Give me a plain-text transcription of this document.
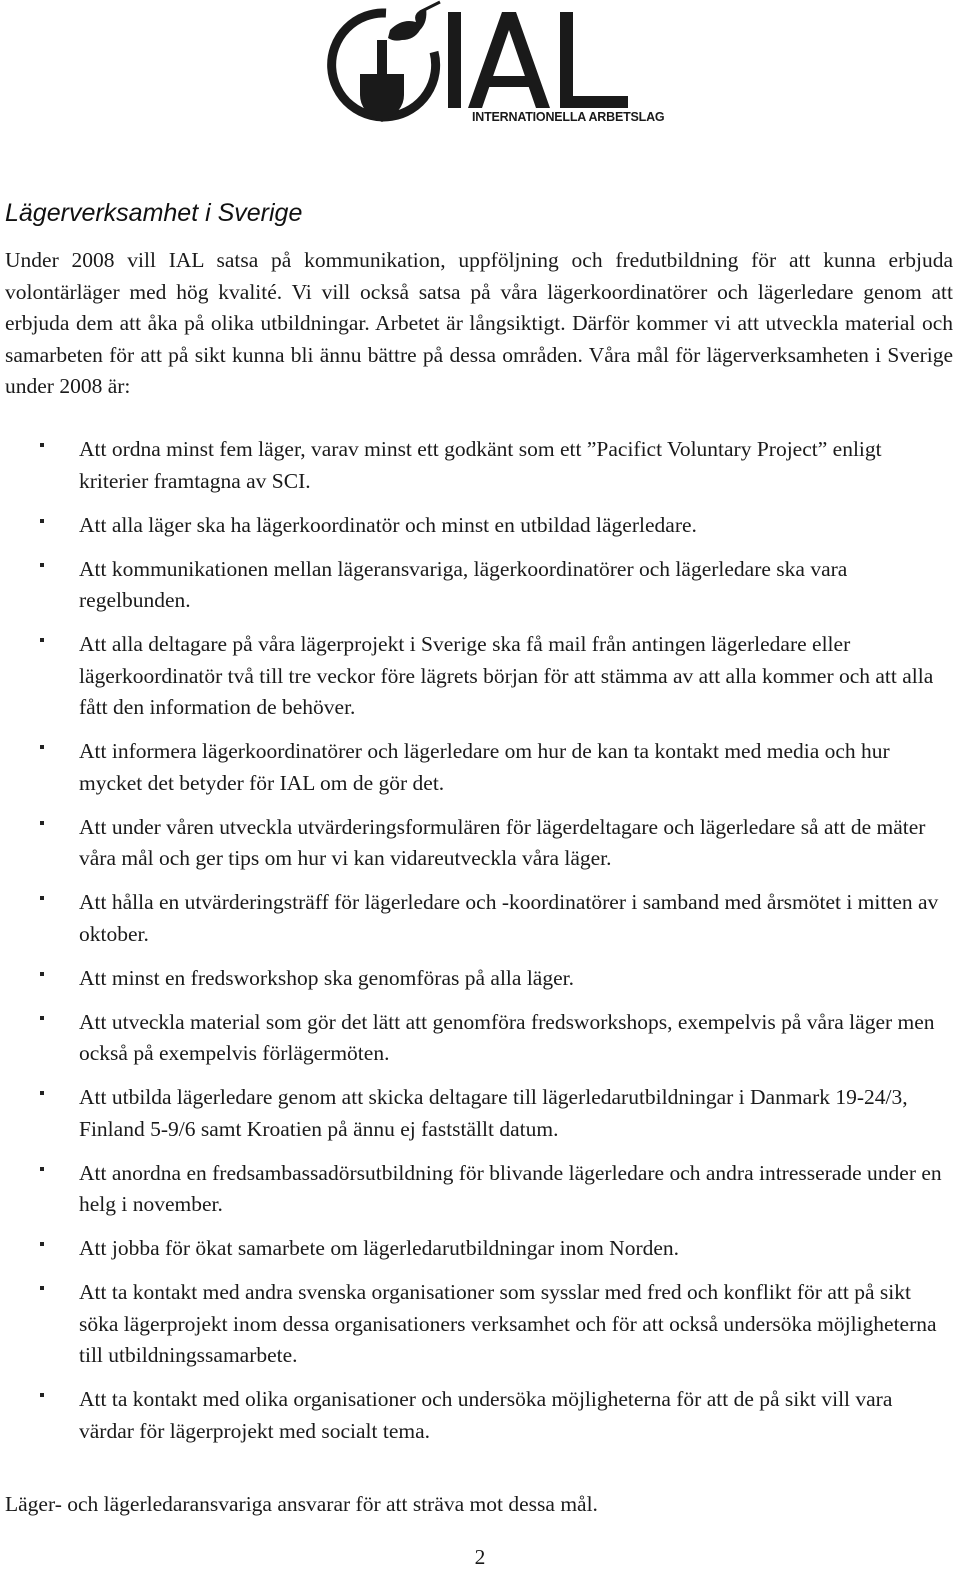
INTERNATIONELLA ARBETSLAG
Lägerverksamhet i Sverige

Under 2008 vill IAL satsa på kommunikation, uppföljning och fredutbildning för att kunna erbjuda volontärläger med hög kvalité. Vi vill också satsa på våra lägerkoordinatörer och lägerledare genom att erbjuda dem att åka på olika utbildningar. Arbetet är långsiktigt. Därför kommer vi att utveckla material och samarbeten för att på sikt kunna bli ännu bättre på dessa områden. Våra mål för lägerverksamheten i Sverige under 2008 är:

Att ordna minst fem läger, varav minst ett godkänt som ett ”Pacifict Voluntary Project” enligt kriterier framtagna av SCI.
Att alla läger ska ha lägerkoordinatör och minst en utbildad lägerledare.
Att kommunikationen mellan lägeransvariga, lägerkoordinatörer och lägerledare ska vara regelbunden.
Att alla deltagare på våra lägerprojekt i Sverige ska få mail från antingen lägerledare eller lägerkoordinatör två till tre veckor före lägrets början för att stämma av att alla kommer och att alla fått den information de behöver.
Att informera lägerkoordinatörer och lägerledare om hur de kan ta kontakt med media och hur mycket det betyder för IAL om de gör det.
Att under våren utveckla utvärderingsformulären för lägerdeltagare och lägerledare så att de mäter våra mål och ger tips om hur vi kan vidareutveckla våra läger.
Att hålla en utvärderingsträff för lägerledare och -koordinatörer i samband med årsmötet i mitten av oktober.
Att minst en fredsworkshop ska genomföras på alla läger.
Att utveckla material som gör det lätt att genomföra fredsworkshops, exempelvis på våra läger men också på exempelvis förlägermöten.
Att utbilda lägerledare genom att skicka deltagare till lägerledarutbildningar i Danmark 19-24/3, Finland 5-9/6 samt Kroatien på ännu ej fastställt datum.
Att anordna en fredsambassadörsutbildning för blivande lägerledare och andra intresserade under en helg i november.
Att jobba för ökat samarbete om lägerledarutbildningar inom Norden.
Att ta kontakt med andra svenska organisationer som sysslar med fred och konflikt för att på sikt söka lägerprojekt inom dessa organisationers verksamhet och för att också undersöka möjligheterna till utbildningssamarbete.
Att ta kontakt med olika organisationer och undersöka möjligheterna för att de på sikt vill vara värdar för lägerprojekt med socialt tema.

Läger- och lägerledaransvariga ansvarar för att sträva mot dessa mål.

2
